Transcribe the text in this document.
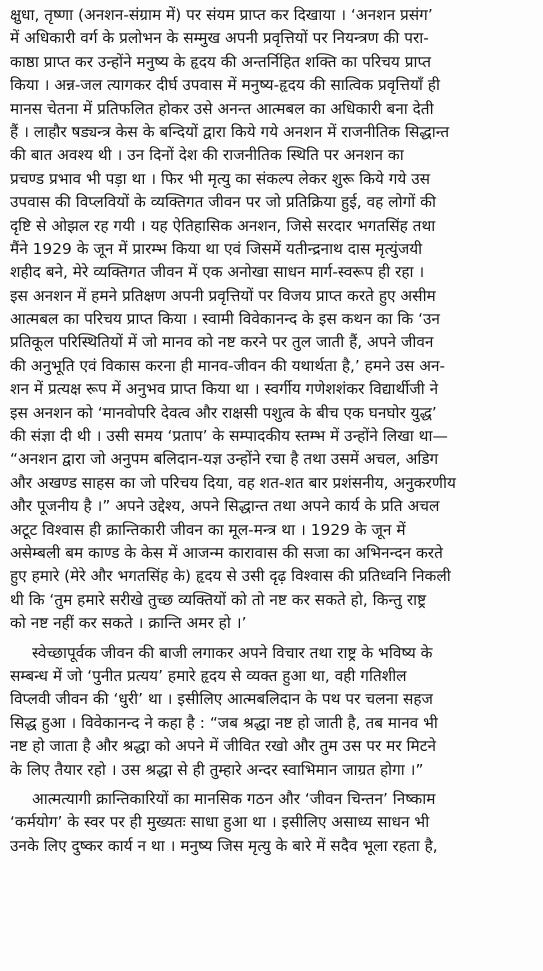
क्षुधा, तृष्णा (अनशन-संग्राम में) पर संयम प्राप्त कर दिखाया । ‘अनशन प्रसंग’
में अधिकारी वर्ग के प्रलोभन के सम्मुख अपनी प्रवृत्तियों पर नियन्त्रण की परा-
काष्ठा प्राप्त कर उन्होंने मनुष्य के हृदय की अन्तर्निहित शक्ति का परिचय प्राप्त
किया । अन्न-जल त्यागकर दीर्घ उपवास में मनुष्य-हृदय की सात्विक प्रवृत्तियाँ ही
मानस चेतना में प्रतिफलित होकर उसे अनन्त आत्मबल का अधिकारी बना देती
हैं । लाहौर षड्यन्त्र केस के बन्दियों द्वारा किये गये अनशन में राजनीतिक सिद्धान्त
की बात अवश्य थी । उन दिनों देश की राजनीतिक स्थिति पर अनशन का
प्रचण्ड प्रभाव भी पड़ा था । फिर भी मृत्यु का संकल्प लेकर शुरू किये गये उस
उपवास की विप्लवियों के व्यक्तिगत जीवन पर जो प्रतिक्रिया हुई, वह लोगों की
दृष्टि से ओझल रह गयी । यह ऐतिहासिक अनशन, जिसे सरदार भगतसिंह तथा
मैंने 1929 के जून में प्रारम्भ किया था एवं जिसमें यतीन्द्रनाथ दास मृत्युंजयी
शहीद बने, मेरे व्यक्तिगत जीवन में एक अनोखा साधन मार्ग-स्वरूप ही रहा ।
इस अनशन में हमने प्रतिक्षण अपनी प्रवृत्तियों पर विजय प्राप्त करते हुए असीम
आत्मबल का परिचय प्राप्त किया । स्वामी विवेकानन्द के इस कथन का कि ‘उन
प्रतिकूल परिस्थितियों में जो मानव को नष्ट करने पर तुल जाती हैं, अपने जीवन
की अनुभूति एवं विकास करना ही मानव-जीवन की यथार्थता है,’ हमने उस अन-
शन में प्रत्यक्ष रूप में अनुभव प्राप्त किया था । स्वर्गीय गणेशशंकर विद्यार्थीजी ने
इस अनशन को ‘मानवोपरि देवत्व और राक्षसी पशुत्व के बीच एक घनघोर युद्ध’
की संज्ञा दी थी । उसी समय ‘प्रताप’ के सम्पादकीय स्तम्भ में उन्होंने लिखा था—
“अनशन द्वारा जो अनुपम बलिदान-यज्ञ उन्होंने रचा है तथा उसमें अचल, अडिग
और अखण्ड साहस का जो परिचय दिया, वह शत-शत बार प्रशंसनीय, अनुकरणीय
और पूजनीय है ।” अपने उद्देश्य, अपने सिद्धान्त तथा अपने कार्य के प्रति अचल
अटूट विश्वास ही क्रान्तिकारी जीवन का मूल-मन्त्र था । 1929 के जून में
असेम्बली बम काण्ड के केस में आजन्म कारावास की सजा का अभिनन्दन करते
हुए हमारे (मेरे और भगतसिंह के) हृदय से उसी दृढ़ विश्वास की प्रतिध्वनि निकली
थी कि ‘तुम हमारे सरीखे तुच्छ व्यक्तियों को तो नष्ट कर सकते हो, किन्तु राष्ट्र
को नष्ट नहीं कर सकते । क्रान्ति अमर हो ।’
स्वेच्छापूर्वक जीवन की बाजी लगाकर अपने विचार तथा राष्ट्र के भविष्य के
सम्बन्ध में जो ‘पुनीत प्रत्यय’ हमारे हृदय से व्यक्त हुआ था, वही गतिशील
विप्लवी जीवन की ‘धुरी’ था । इसीलिए आत्मबलिदान के पथ पर चलना सहज
सिद्ध हुआ । विवेकानन्द ने कहा है : “जब श्रद्धा नष्ट हो जाती है, तब मानव भी
नष्ट हो जाता है और श्रद्धा को अपने में जीवित रखो और तुम उस पर मर मिटने
के लिए तैयार रहो । उस श्रद्धा से ही तुम्हारे अन्दर स्वाभिमान जाग्रत होगा ।”
आत्मत्यागी क्रान्तिकारियों का मानसिक गठन और ‘जीवन चिन्तन’ निष्काम
‘कर्मयोग’ के स्वर पर ही मुख्यतः साधा हुआ था । इसीलिए असाध्य साधन भी
उनके लिए दुष्कर कार्य न था । मनुष्य जिस मृत्यु के बारे में सदैव भूला रहता है,
